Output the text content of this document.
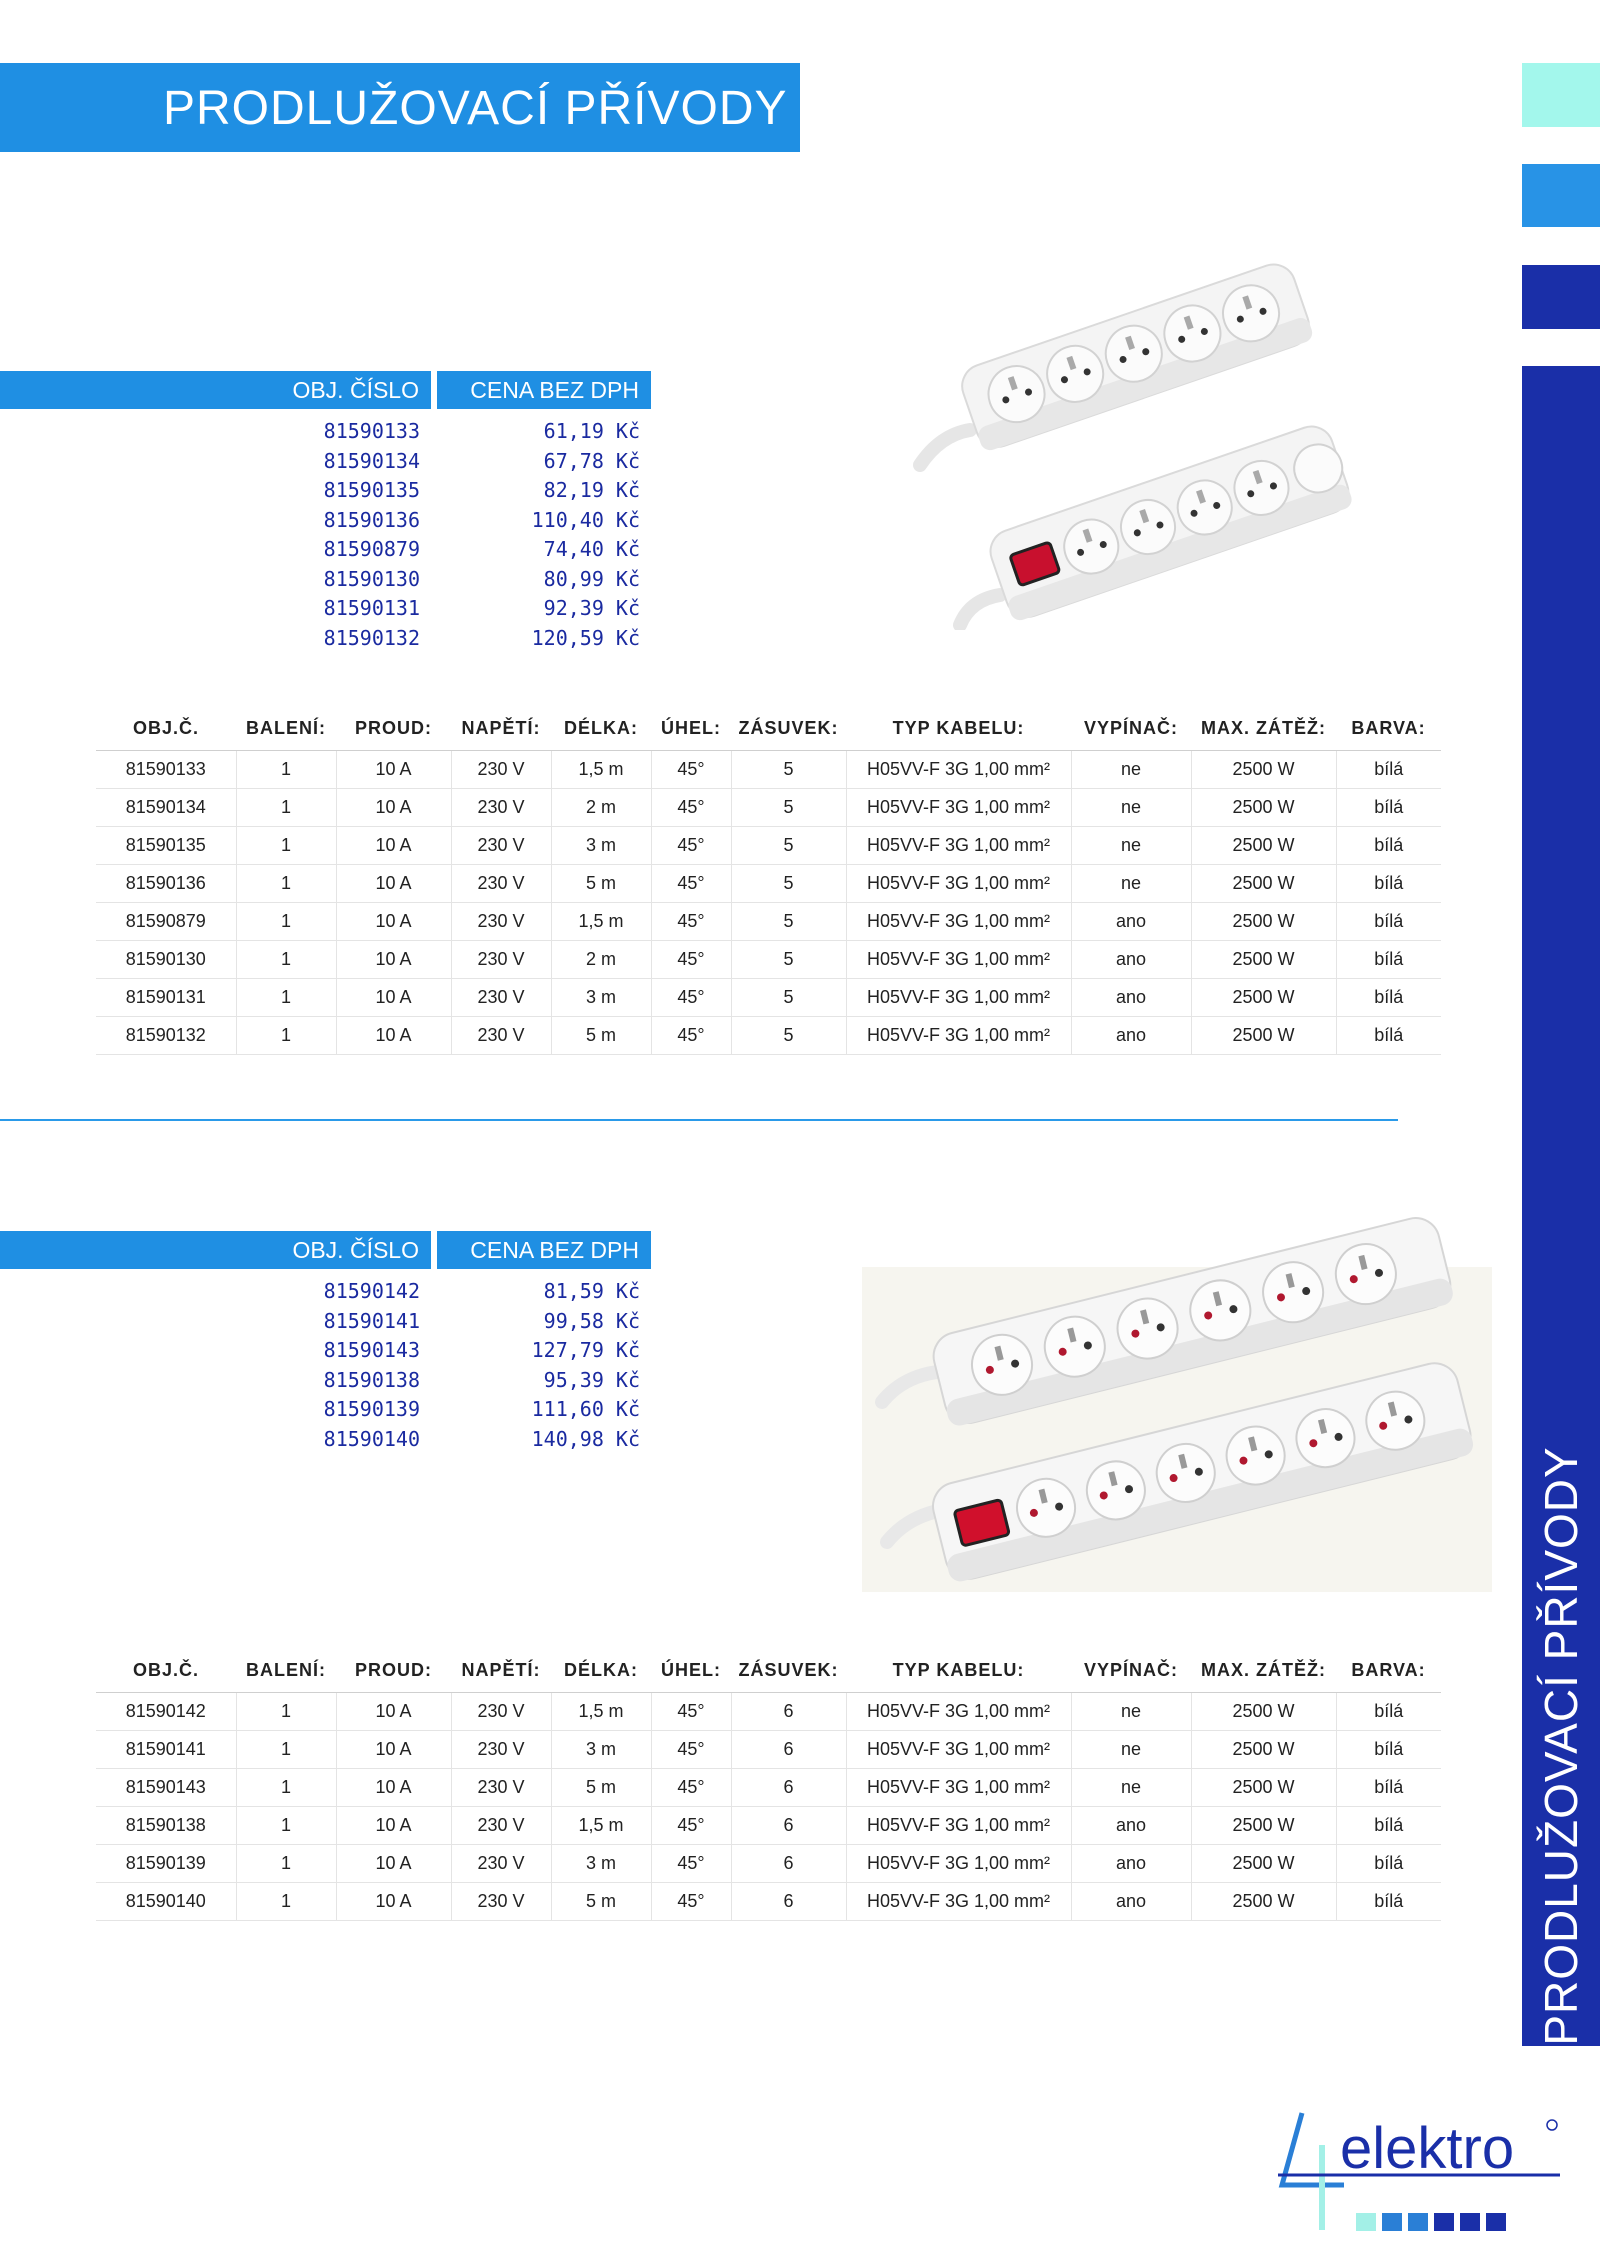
PRODLUŽOVACÍ PŘÍVODY
PRODLUŽOVACÍ PŘÍVODY
OBJ. ČÍSLO	CENA BEZ DPH
81590133	61,19 Kč
81590134	67,78 Kč
81590135	82,19 Kč
81590136	110,40 Kč
81590879	74,40 Kč
81590130	80,99 Kč
81590131	92,39 Kč
81590132	120,59 Kč
OBJ.Č.	BALENÍ:	PROUD:	NAPĚTÍ:	DÉLKA:	ÚHEL:	ZÁSUVEK:	TYP KABELU:	VYPÍNAČ:	MAX. ZÁTĚŽ:	BARVA:
81590133	1	10 A	230 V	1,5 m	45°	5	H05VV-F 3G 1,00 mm²	ne	2500 W	bílá
81590134	1	10 A	230 V	2 m	45°	5	H05VV-F 3G 1,00 mm²	ne	2500 W	bílá
81590135	1	10 A	230 V	3 m	45°	5	H05VV-F 3G 1,00 mm²	ne	2500 W	bílá
81590136	1	10 A	230 V	5 m	45°	5	H05VV-F 3G 1,00 mm²	ne	2500 W	bílá
81590879	1	10 A	230 V	1,5 m	45°	5	H05VV-F 3G 1,00 mm²	ano	2500 W	bílá
81590130	1	10 A	230 V	2 m	45°	5	H05VV-F 3G 1,00 mm²	ano	2500 W	bílá
81590131	1	10 A	230 V	3 m	45°	5	H05VV-F 3G 1,00 mm²	ano	2500 W	bílá
81590132	1	10 A	230 V	5 m	45°	5	H05VV-F 3G 1,00 mm²	ano	2500 W	bílá
OBJ. ČÍSLO	CENA BEZ DPH
81590142	81,59 Kč
81590141	99,58 Kč
81590143	127,79 Kč
81590138	95,39 Kč
81590139	111,60 Kč
81590140	140,98 Kč
OBJ.Č.	BALENÍ:	PROUD:	NAPĚTÍ:	DÉLKA:	ÚHEL:	ZÁSUVEK:	TYP KABELU:	VYPÍNAČ:	MAX. ZÁTĚŽ:	BARVA:
81590142	1	10 A	230 V	1,5 m	45°	6	H05VV-F 3G 1,00 mm²	ne	2500 W	bílá
81590141	1	10 A	230 V	3 m	45°	6	H05VV-F 3G 1,00 mm²	ne	2500 W	bílá
81590143	1	10 A	230 V	5 m	45°	6	H05VV-F 3G 1,00 mm²	ne	2500 W	bílá
81590138	1	10 A	230 V	1,5 m	45°	6	H05VV-F 3G 1,00 mm²	ano	2500 W	bílá
81590139	1	10 A	230 V	3 m	45°	6	H05VV-F 3G 1,00 mm²	ano	2500 W	bílá
81590140	1	10 A	230 V	5 m	45°	6	H05VV-F 3G 1,00 mm²	ano	2500 W	bílá
elektro
